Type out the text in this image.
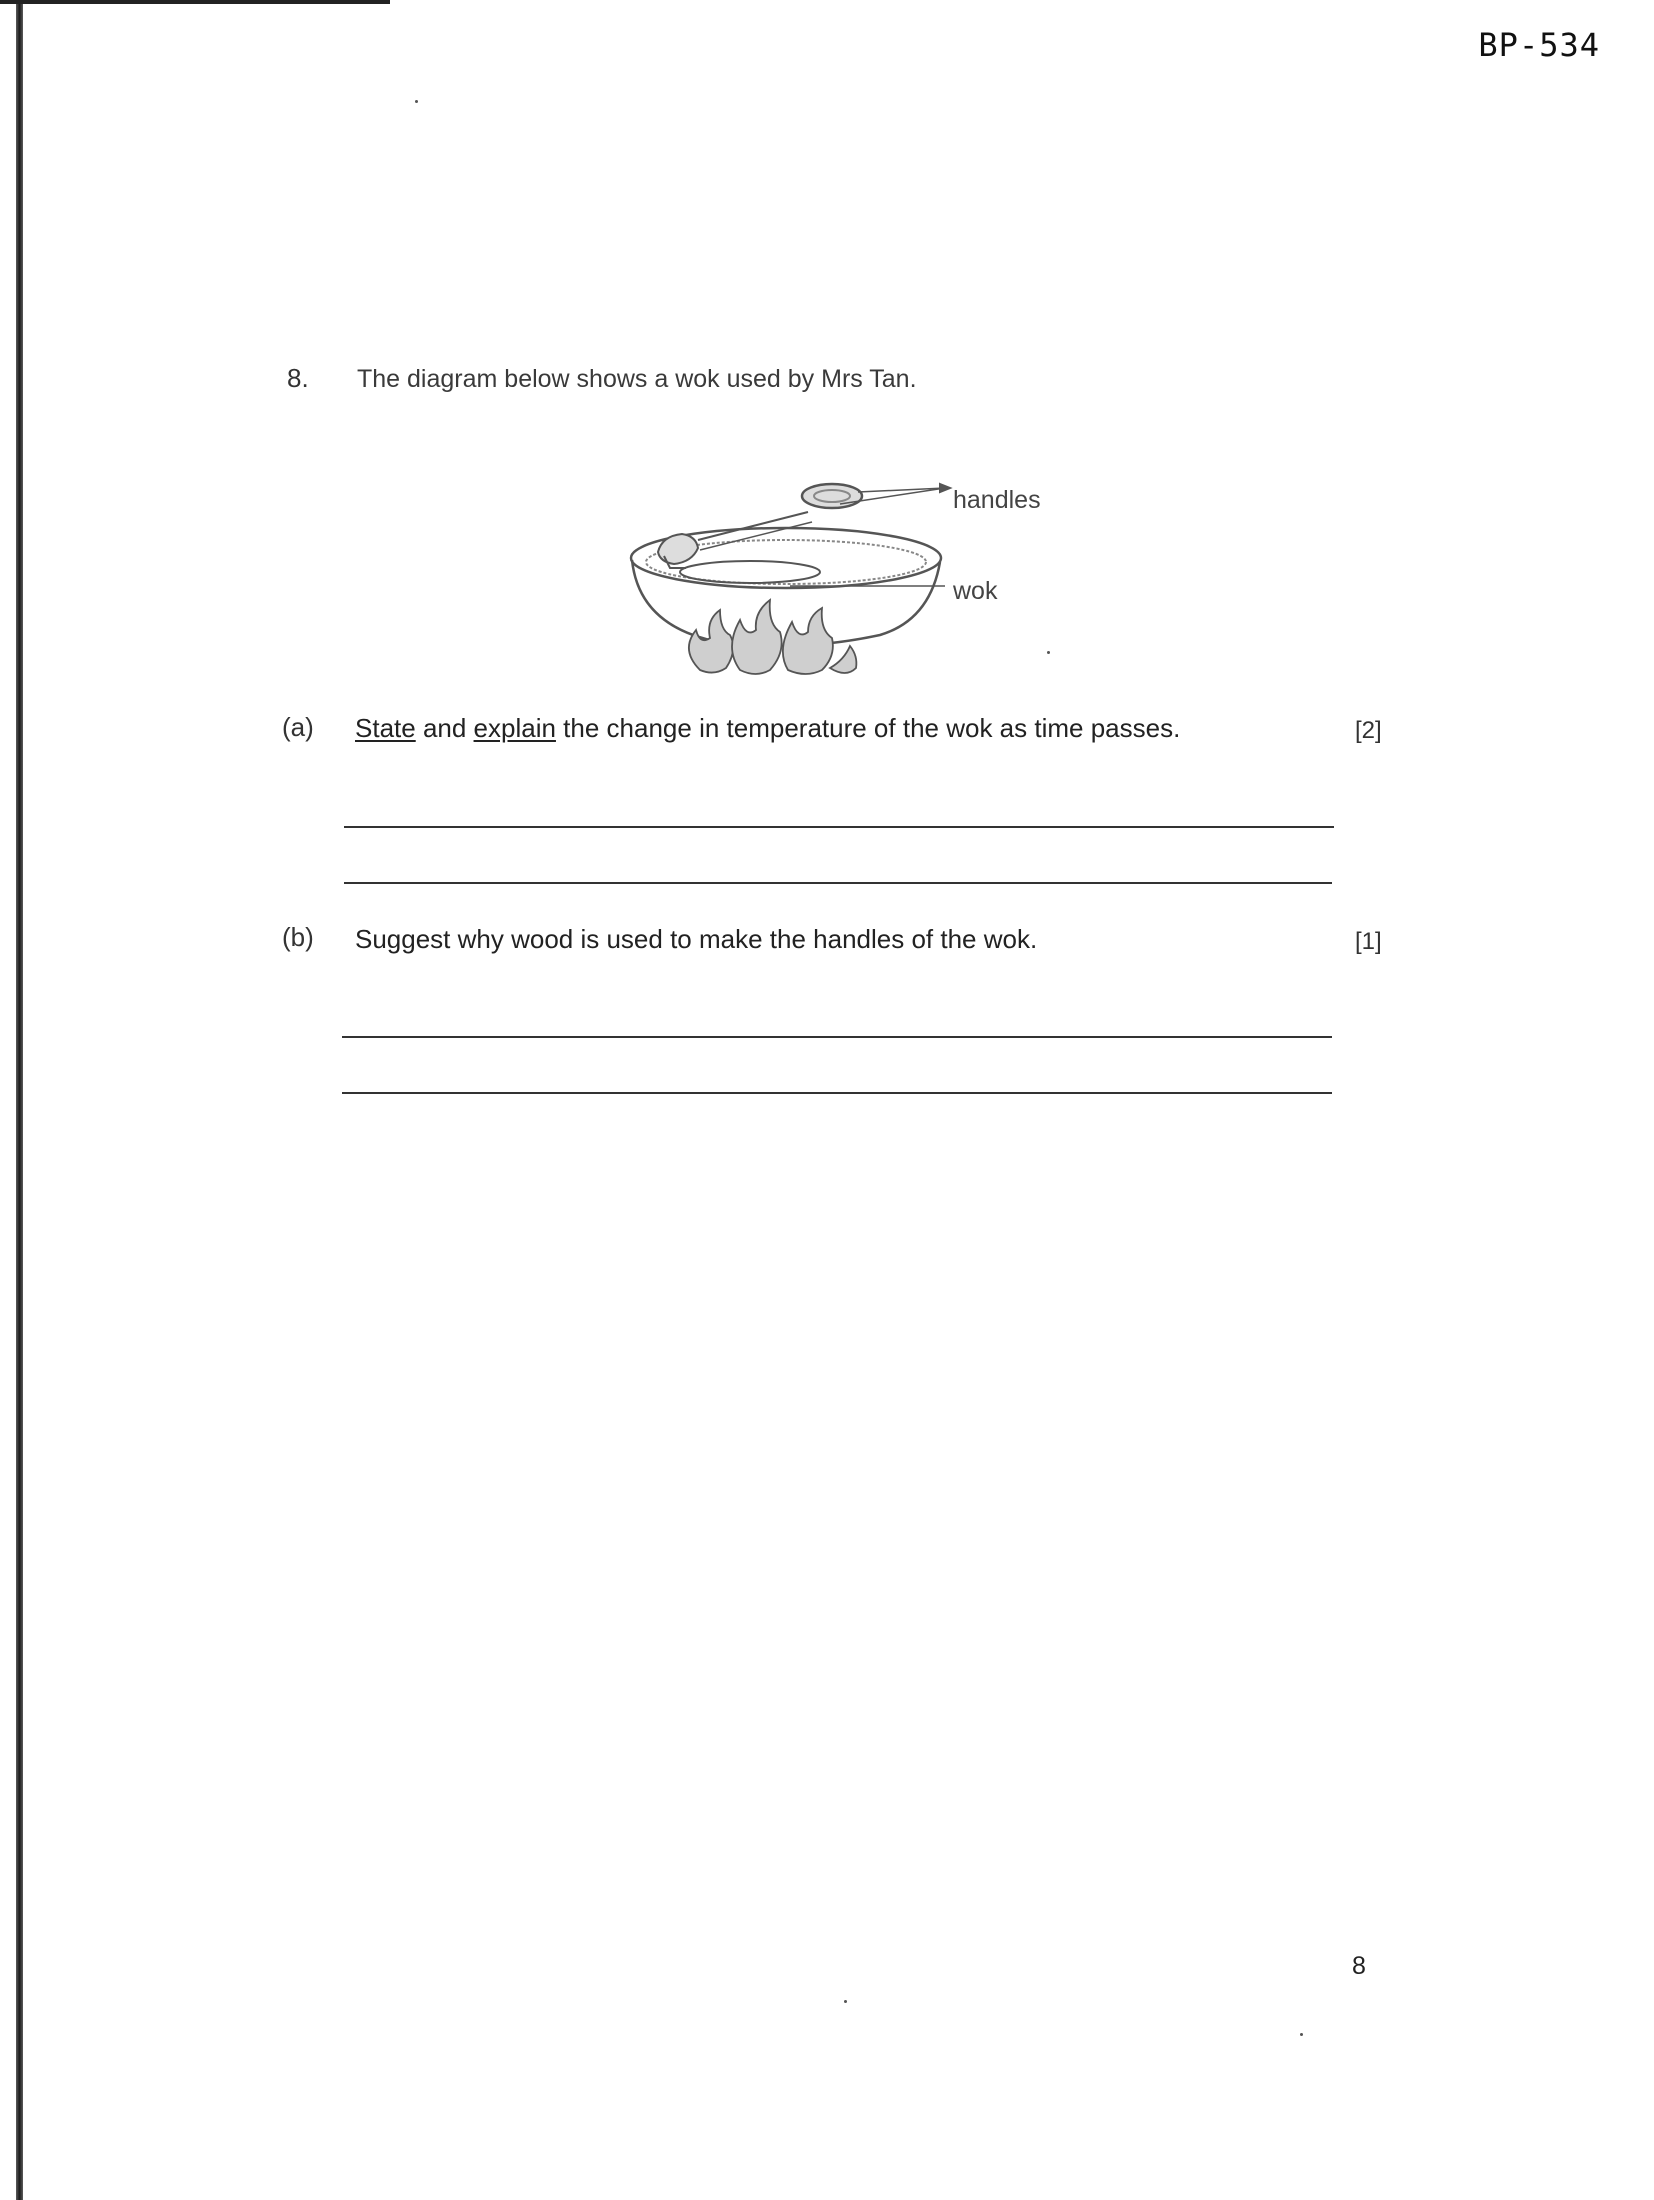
BP-534
8. The diagram below shows a wok used by Mrs Tan.
handles
wok
(a) State and explain the change in temperature of the wok as time passes.	[2]
(b) Suggest why wood is used to make the handles of the wok.	[1]
8
